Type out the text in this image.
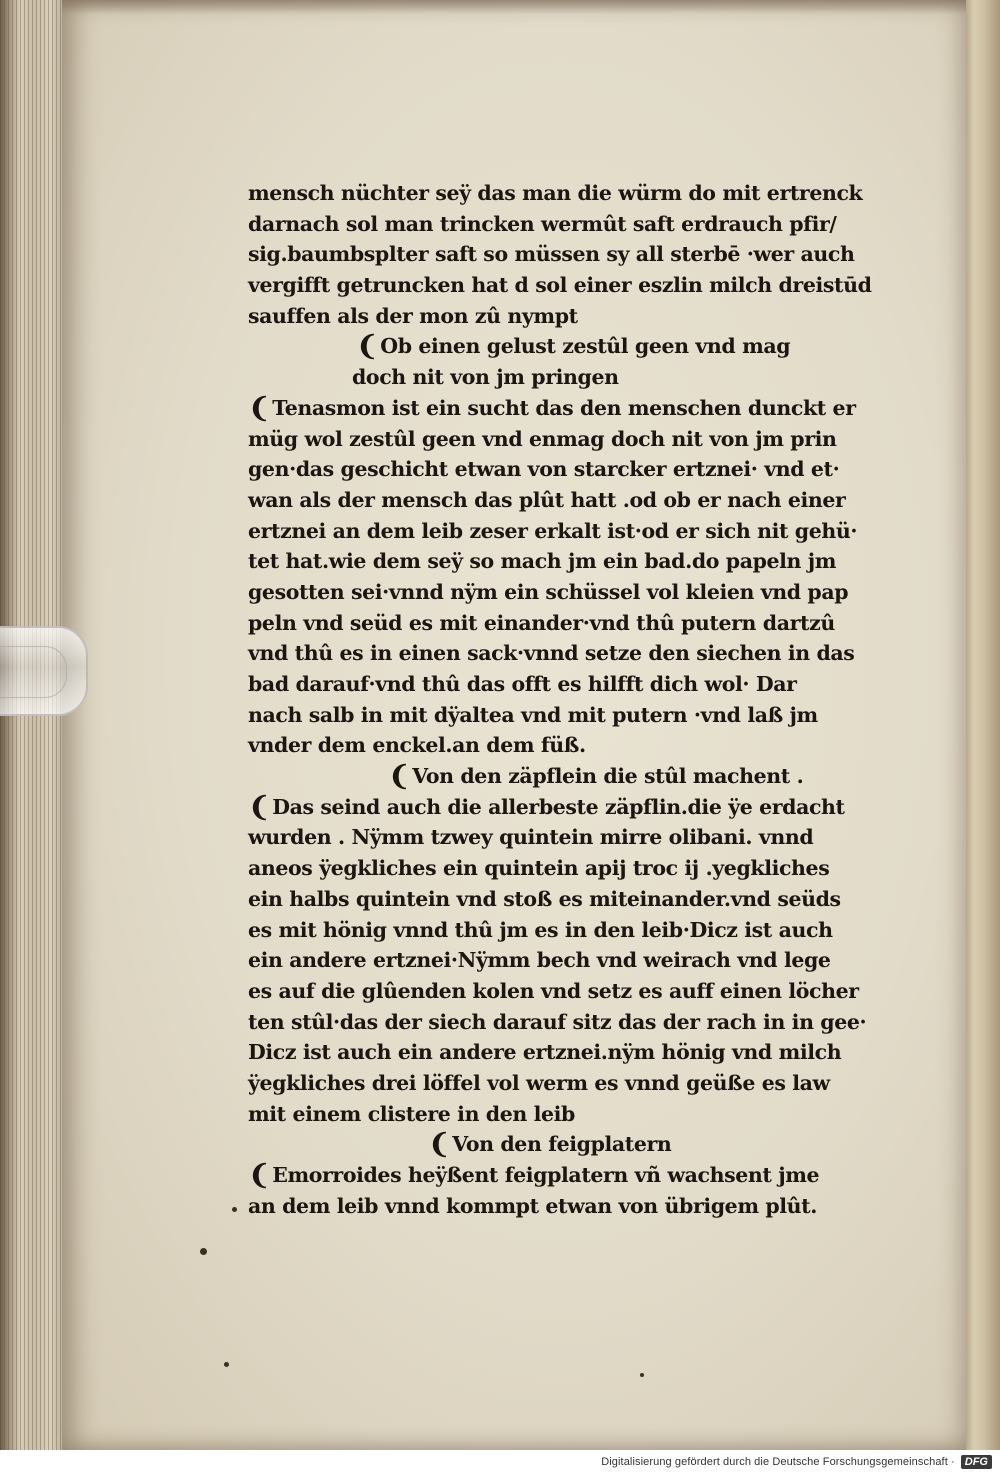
mensch nüchter seÿ das man die würm do mit ertrenck
darnach sol man trincken wermût saft erdrauch pfir/
sig.baumbsplter saft so müssen sy all sterbē ·wer auch
vergifft getruncken hat d sol einer eszlin milch dreistūd
sauffen als der mon zû nympt
❨Ob einen gelust zestûl geen vnd mag
doch nit von jm pringen
❨Tenasmon ist ein sucht das den menschen dunckt er
müg wol zestûl geen vnd enmag doch nit von jm prin
gen·das geschicht etwan von starcker ertznei· vnd et·
wan als der mensch das plût hatt .od ob er nach einer
ertznei an dem leib zeser erkalt ist·od er sich nit gehü·
tet hat.wie dem seÿ so mach jm ein bad.do papeln jm
gesotten sei·vnnd nÿm ein schüssel vol kleien vnd pap
peln vnd seüd es mit einander·vnd thû putern dartzû
vnd thû es in einen sack·vnnd setze den siechen in das
bad darauf·vnd thû das offt es hilfft dich wol· Dar
nach salb in mit dÿaltea vnd mit putern ·vnd laß jm
vnder dem enckel.an dem füß.
❨Von den zäpflein die stûl machent .
❨Das seind auch die allerbeste zäpflin.die ÿe erdacht
wurden . Nÿmm tzwey quintein mirre olibani. vnnd
aneos ÿegkliches ein quintein apij troc ij .yegkliches
ein halbs quintein vnd stoß es miteinander.vnd seüds
es mit hönig vnnd thû jm es in den leib·Dicz ist auch
ein andere ertznei·Nÿmm bech vnd weirach vnd lege
es auf die glûenden kolen vnd setz es auff einen löcher
ten stûl·das der siech darauf sitz das der rach in in gee·
Dicz ist auch ein andere ertznei.nÿm hönig vnd milch
ÿegkliches drei löffel vol werm es vnnd geüße es law
mit einem clistere in den leib
❨Von den feigplatern
❨Emorroides heÿßent feigplatern vñ wachsent jme
an dem leib vnnd kommpt etwan von übrigem plût.
Digitalisierung gefördert durch die Deutsche Forschungsgemeinschaft · DFG
